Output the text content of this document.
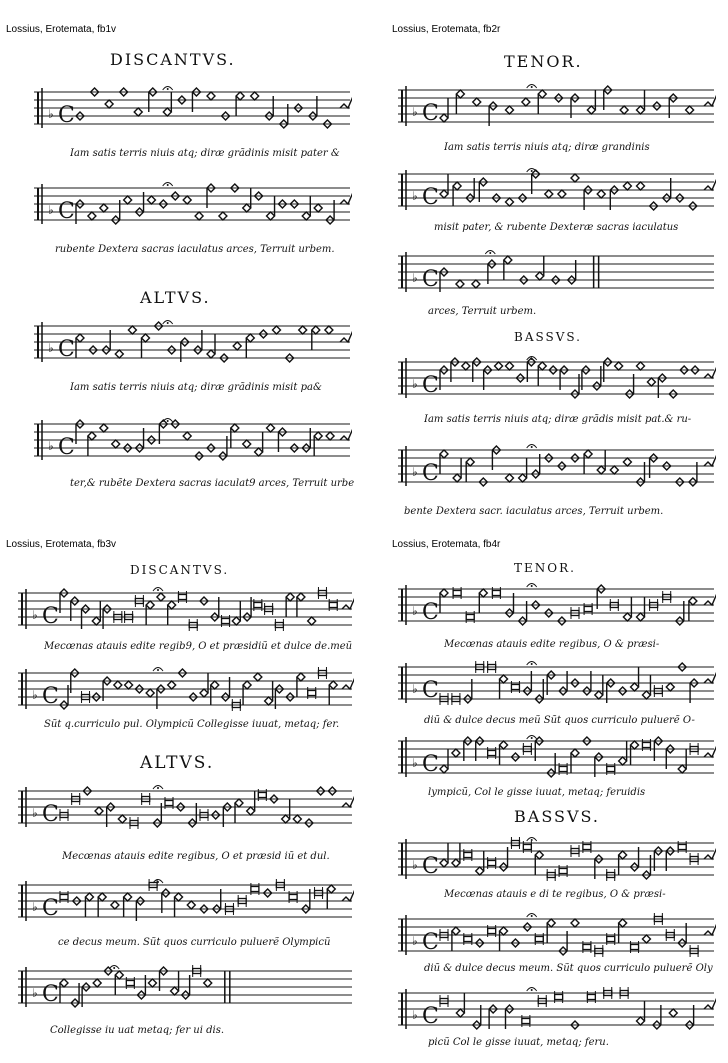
Lossius, Erotemata, fb1v
DISCANTVS.
♭ C
Iam satis terris niuis atq; diræ grãdinis misit pater &
♭ C
rubente Dextera sacras iaculatus arces, Terruit urbem.
ALTVS.
♭ C
Iam satis terris niuis atq; diræ grãdinis misit pa&
♭ C
ter,& rubẽte Dextera sacras iaculat9 arces, Terruit urbe
Lossius, Erotemata, fb2r
TENOR.
♭ C
Iam satis terris niuis atq; diræ grandinis
♭ C
misit pater, & rubente Dexteræ sacras iaculatus
♭ C
arces, Terruit urbem.
BASSVS.
♭ C
Iam satis terris niuis atq; diræ grãdis misit pat.& ru-
♭ C
bente Dextera sacr. iaculatus arces, Terruit urbem.
Lossius, Erotemata, fb3v
DISCANTVS.
♭ C
Mecœnas atauis edite regib9, O et præsidiũ et dulce de.meũ
♭ C
Sũt q.curriculo pul. Olympicũ Collegisse iuuat, metaq; fer.
ALTVS.
♭ C
Mecœnas atauis edite regibus, O et præsid iũ et dul.
♭ C
ce decus meum. Sũt quos curriculo puluerẽ Olympicũ
♭ C
Collegisse iu uat metaq; fer ui dis.
Lossius, Erotemata, fb4r
TENOR.
♭ C
Mecœnas atauis edite regibus, O & præsi-
♭ C
diũ & dulce decus meũ Sũt quos curriculo puluerẽ O-
♭ C
lympicũ, Col le gisse iuuat, metaq; feruidis
BASSVS.
♭ C
Mecœnas atauis e di te regibus, O & præsi-
♭ C
diũ & dulce decus meum. Sũt quos curriculo puluerẽ Oly
♭ C
picũ Col le gisse iuuat, metaq; feru.
